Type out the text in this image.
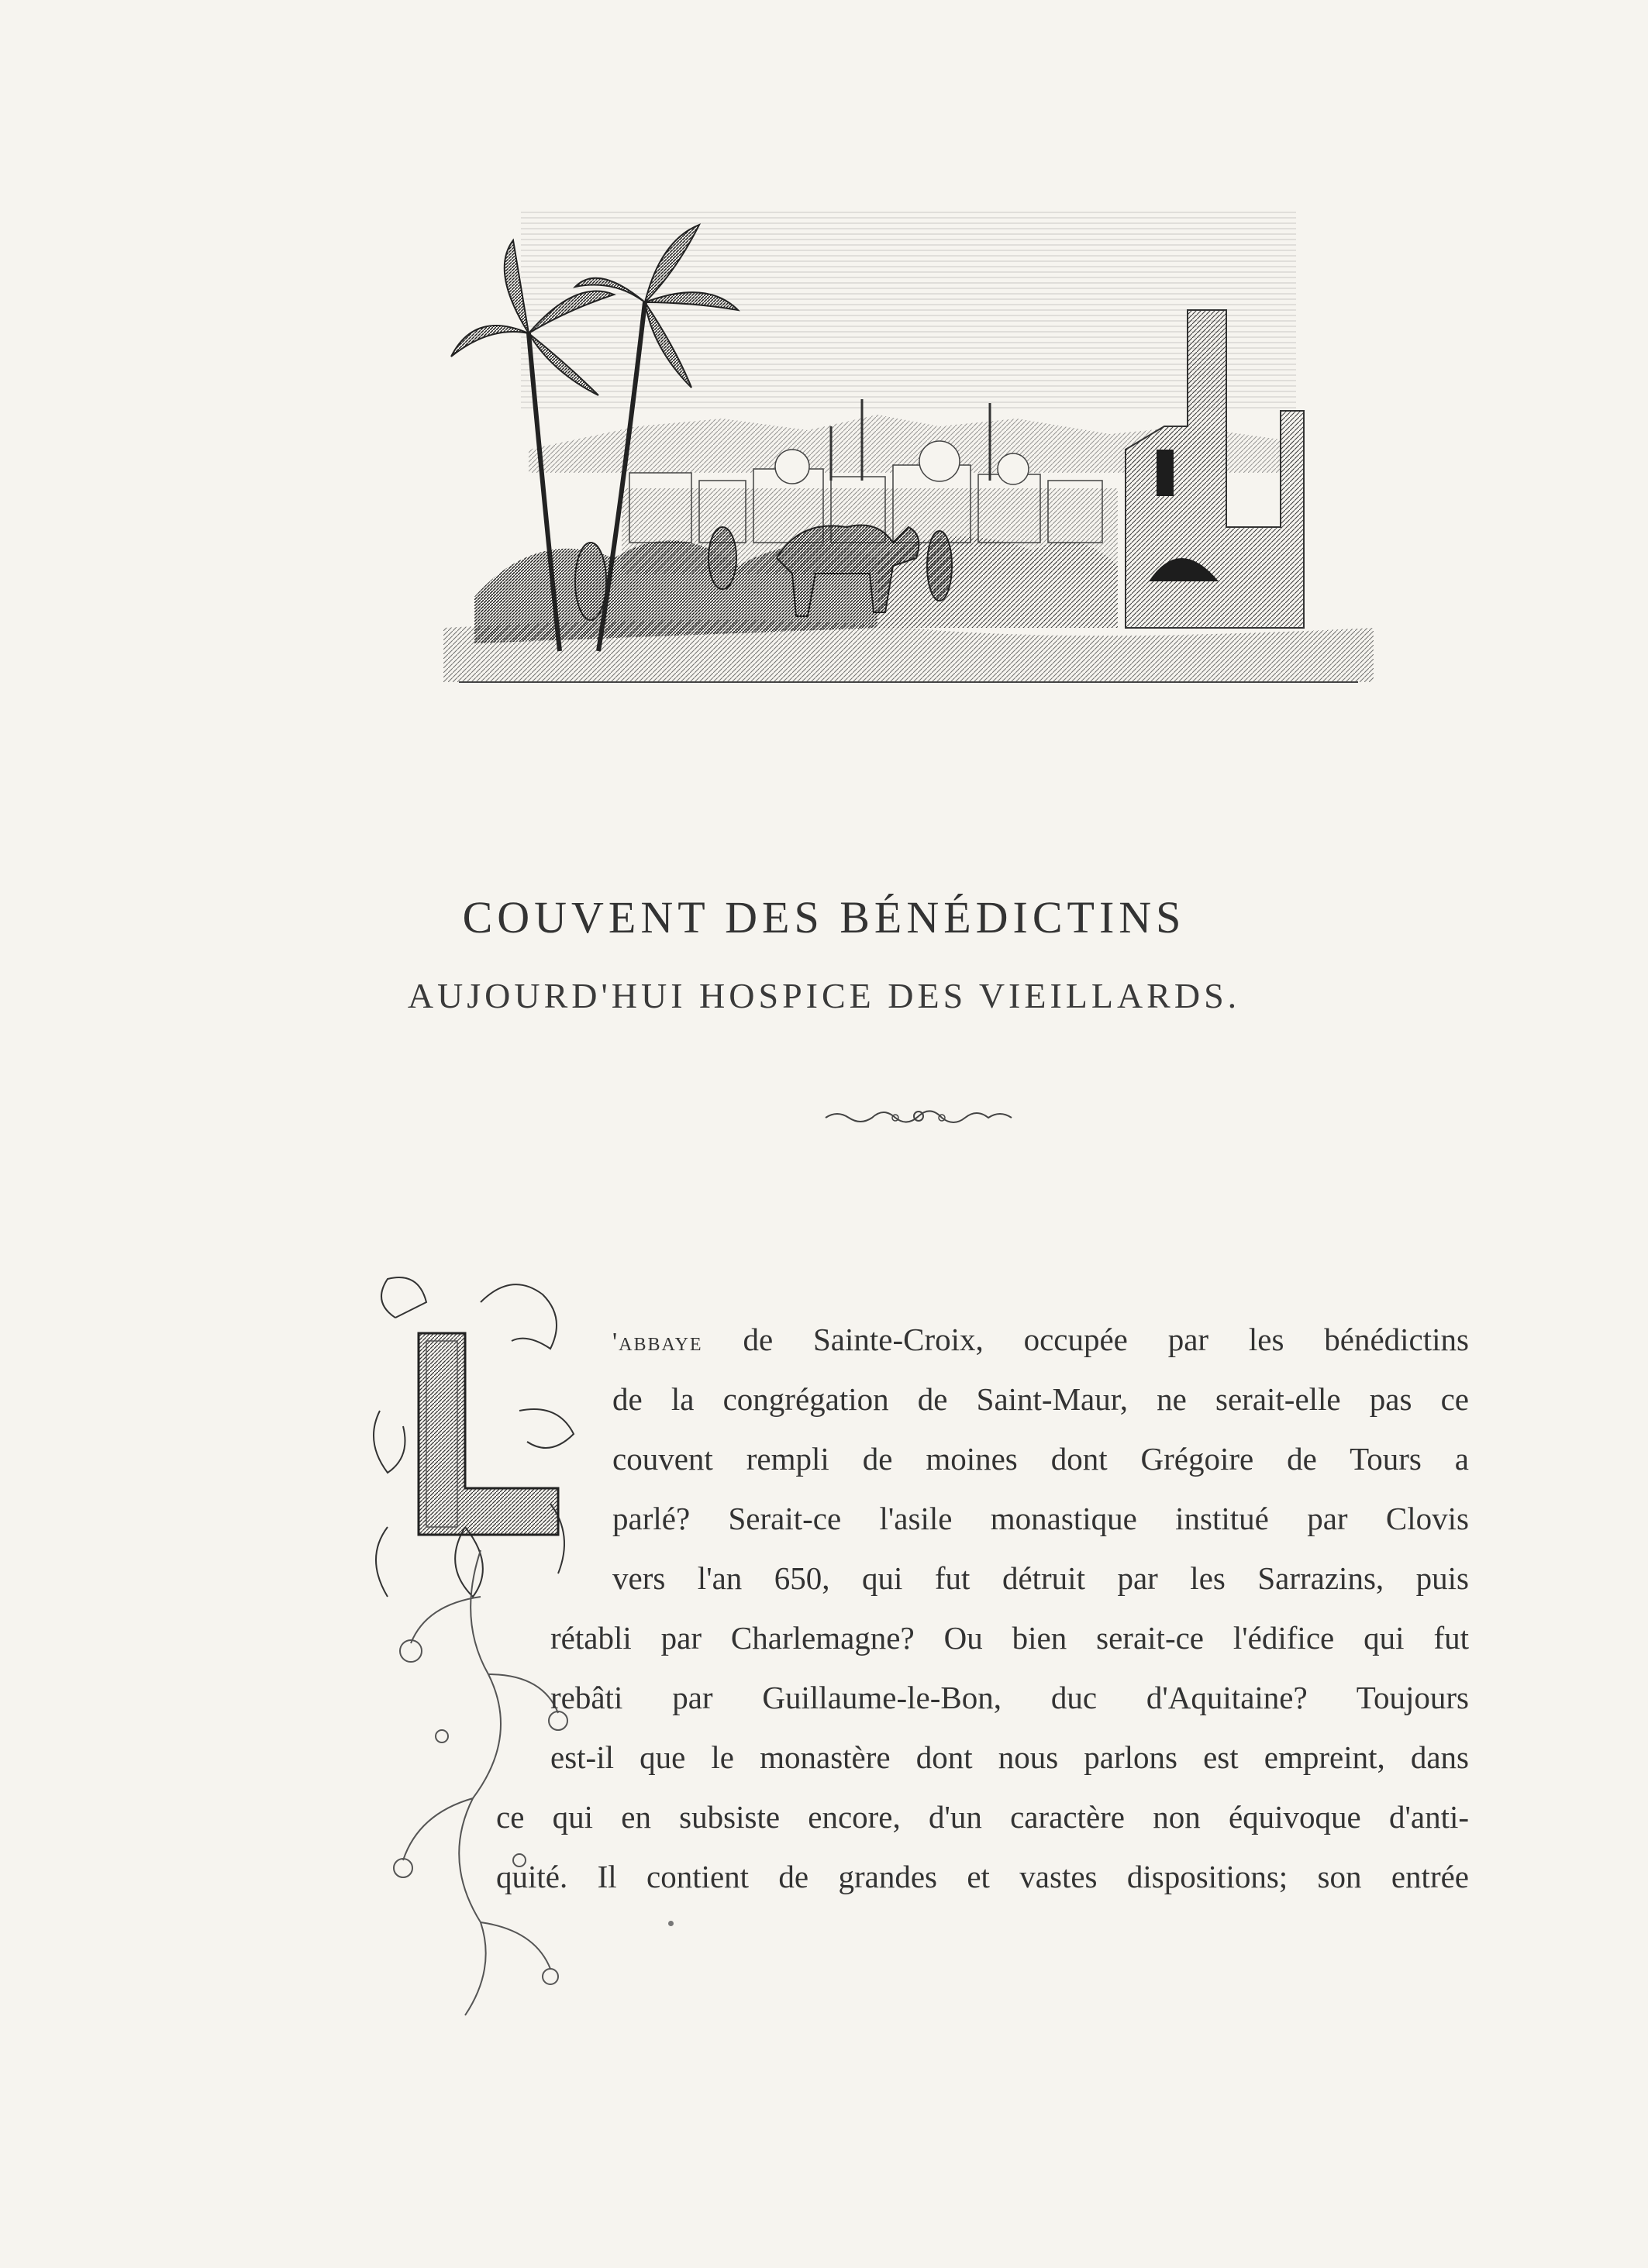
COUVENT DES BÉNÉDICTINS
AUJOURD'HUI HOSPICE DES VIEILLARDS.
'abbaye de Sainte-Croix, occupée par les bénédictins
de la congrégation de Saint-Maur, ne serait-elle pas ce
couvent rempli de moines dont Grégoire de Tours a
parlé? Serait-ce l'asile monastique institué par Clovis
vers l'an 650, qui fut détruit par les Sarrazins, puis
rétabli par Charlemagne? Ou bien serait-ce l'édifice qui fut
rebâti par Guillaume-le-Bon, duc d'Aquitaine? Toujours
est-il que le monastère dont nous parlons est empreint, dans
ce qui en subsiste encore, d'un caractère non équivoque d'anti-
quité. Il contient de grandes et vastes dispositions; son entrée
